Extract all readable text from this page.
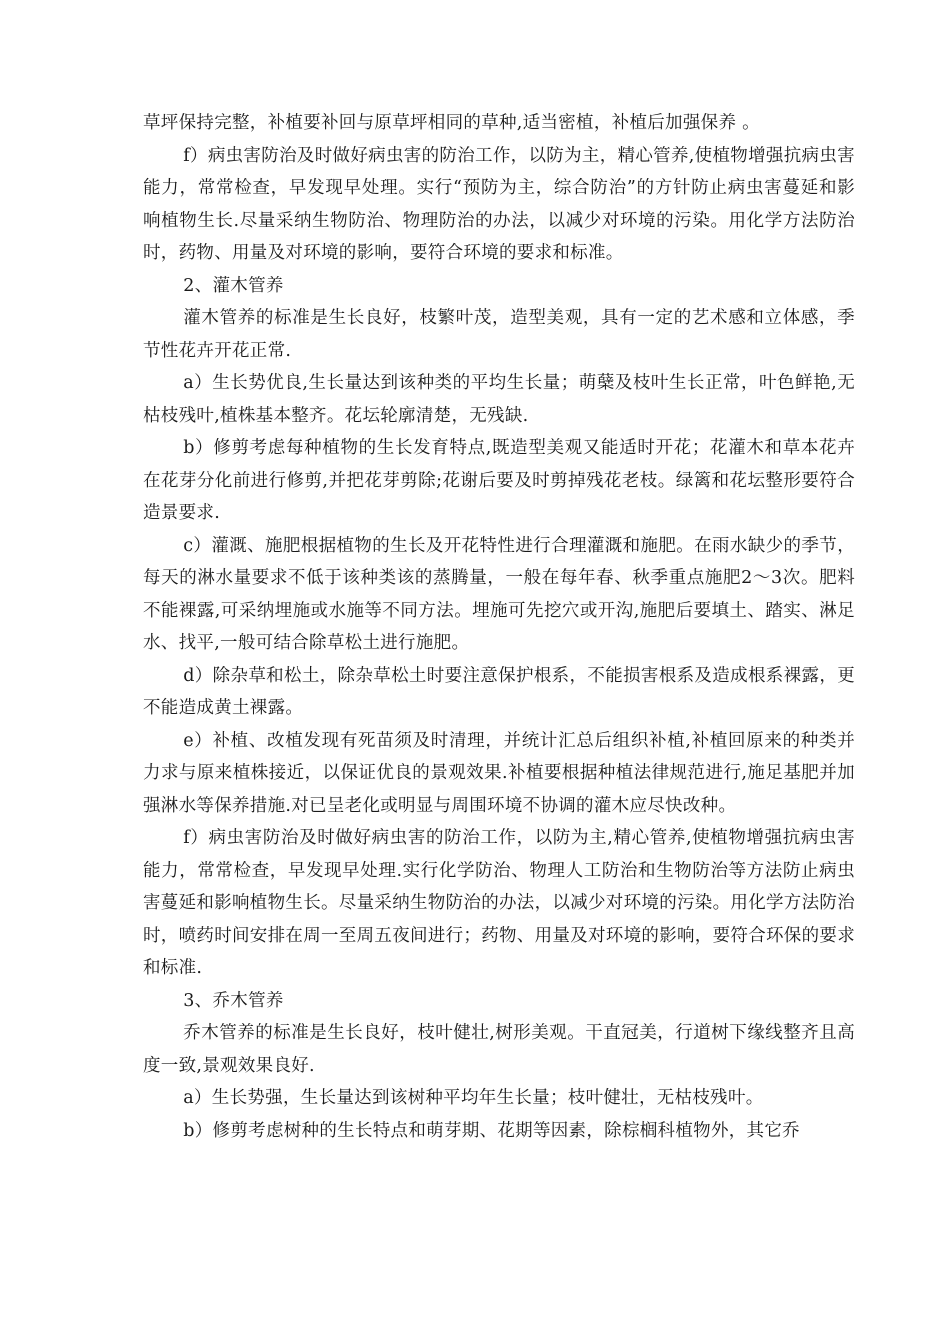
草坪保持完整，补植要补回与原草坪相同的草种,适当密植，补植后加强保养 。

f）病虫害防治及时做好病虫害的防治工作，以防为主，精心管养,使植物增强抗病虫害能力，常常检查，早发现早处理。实行“预防为主，综合防治”的方针防止病虫害蔓延和影响植物生长.尽量采纳生物防治、物理防治的办法，以减少对环境的污染。用化学方法防治时，药物、用量及对环境的影响，要符合环境的要求和标准。

2、灌木管养

灌木管养的标准是生长良好，枝繁叶茂，造型美观，具有一定的艺术感和立体感，季节性花卉开花正常.

a）生长势优良,生长量达到该种类的平均生长量；萌蘖及枝叶生长正常，叶色鲜艳,无枯枝残叶,植株基本整齐。花坛轮廓清楚，无残缺.

b）修剪考虑每种植物的生长发育特点,既造型美观又能适时开花；花灌木和草本花卉在花芽分化前进行修剪,并把花芽剪除;花谢后要及时剪掉残花老枝。绿篱和花坛整形要符合造景要求.

c）灌溉、施肥根据植物的生长及开花特性进行合理灌溉和施肥。在雨水缺少的季节，每天的淋水量要求不低于该种类该的蒸腾量，一般在每年春、秋季重点施肥2～3次。肥料不能裸露,可采纳埋施或水施等不同方法。埋施可先挖穴或开沟,施肥后要填土、踏实、淋足水、找平,一般可结合除草松土进行施肥。

d）除杂草和松土，除杂草松土时要注意保护根系，不能损害根系及造成根系裸露，更不能造成黄土裸露。

e）补植、改植发现有死苗须及时清理，并统计汇总后组织补植,补植回原来的种类并力求与原来植株接近，以保证优良的景观效果.补植要根据种植法律规范进行,施足基肥并加强淋水等保养措施.对已呈老化或明显与周围环境不协调的灌木应尽快改种。

f）病虫害防治及时做好病虫害的防治工作，以防为主,精心管养,使植物增强抗病虫害能力，常常检查，早发现早处理.实行化学防治、物理人工防治和生物防治等方法防止病虫害蔓延和影响植物生长。尽量采纳生物防治的办法，以减少对环境的污染。用化学方法防治时，喷药时间安排在周一至周五夜间进行；药物、用量及对环境的影响，要符合环保的要求和标准.

3、乔木管养

乔木管养的标准是生长良好，枝叶健壮,树形美观。干直冠美，行道树下缘线整齐且高度一致,景观效果良好.

a）生长势强，生长量达到该树种平均年生长量；枝叶健壮，无枯枝残叶。

b）修剪考虑树种的生长特点和萌芽期、花期等因素，除棕榈科植物外，其它乔
